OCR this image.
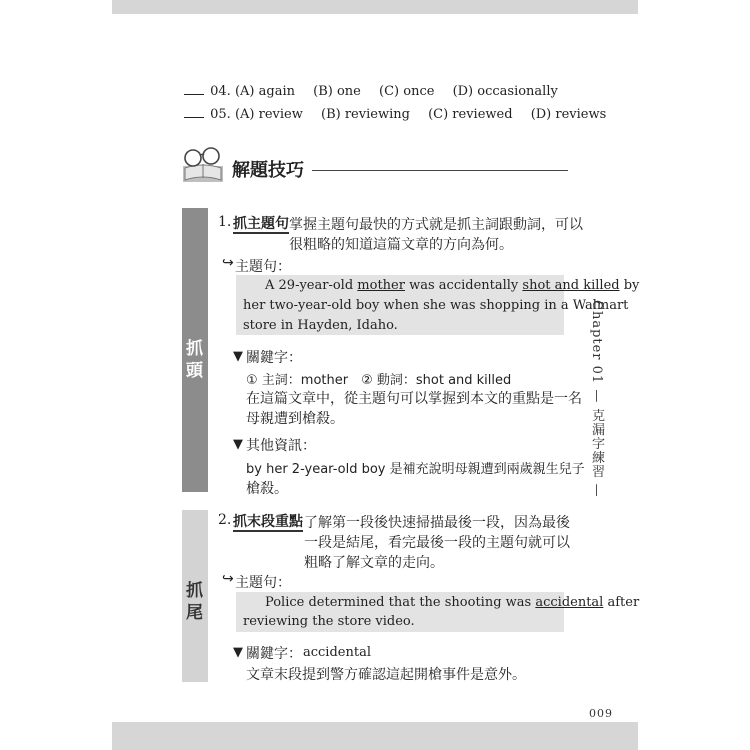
04. (A) again (B) one (C) once (D) occasionally
05. (A) review (B) reviewing (C) reviewed (D) reviews
解題技巧
抓
頭
抓
尾
1. 抓主題句 掌握主題句最快的方式就是抓主詞跟動詞，可以
很粗略的知道這篇文章的方向為何。
↪ 主題句：
A 29-year-old mother was accidentally shot and killed by
her two-year-old boy when she was shopping in a Walmart
store in Hayden, Idaho.
▼ 關鍵字：
① 主詞：mother　② 動詞：shot and killed
在這篇文章中，從主題句可以掌握到本文的重點是一名
母親遭到槍殺。
▼ 其他資訊：
by her 2-year-old boy 是補充說明母親遭到兩歲親生兒子
槍殺。
2. 抓末段重點 了解第一段後快速掃描最後一段，因為最後
一段是結尾，看完最後一段的主題句就可以
粗略了解文章的走向。
↪ 主題句：
Police determined that the shooting was accidental after
reviewing the store video.
▼ 關鍵字： accidental
文章末段提到警方確認這起開槍事件是意外。
Chapter 01 — 克漏字練習 —
009
